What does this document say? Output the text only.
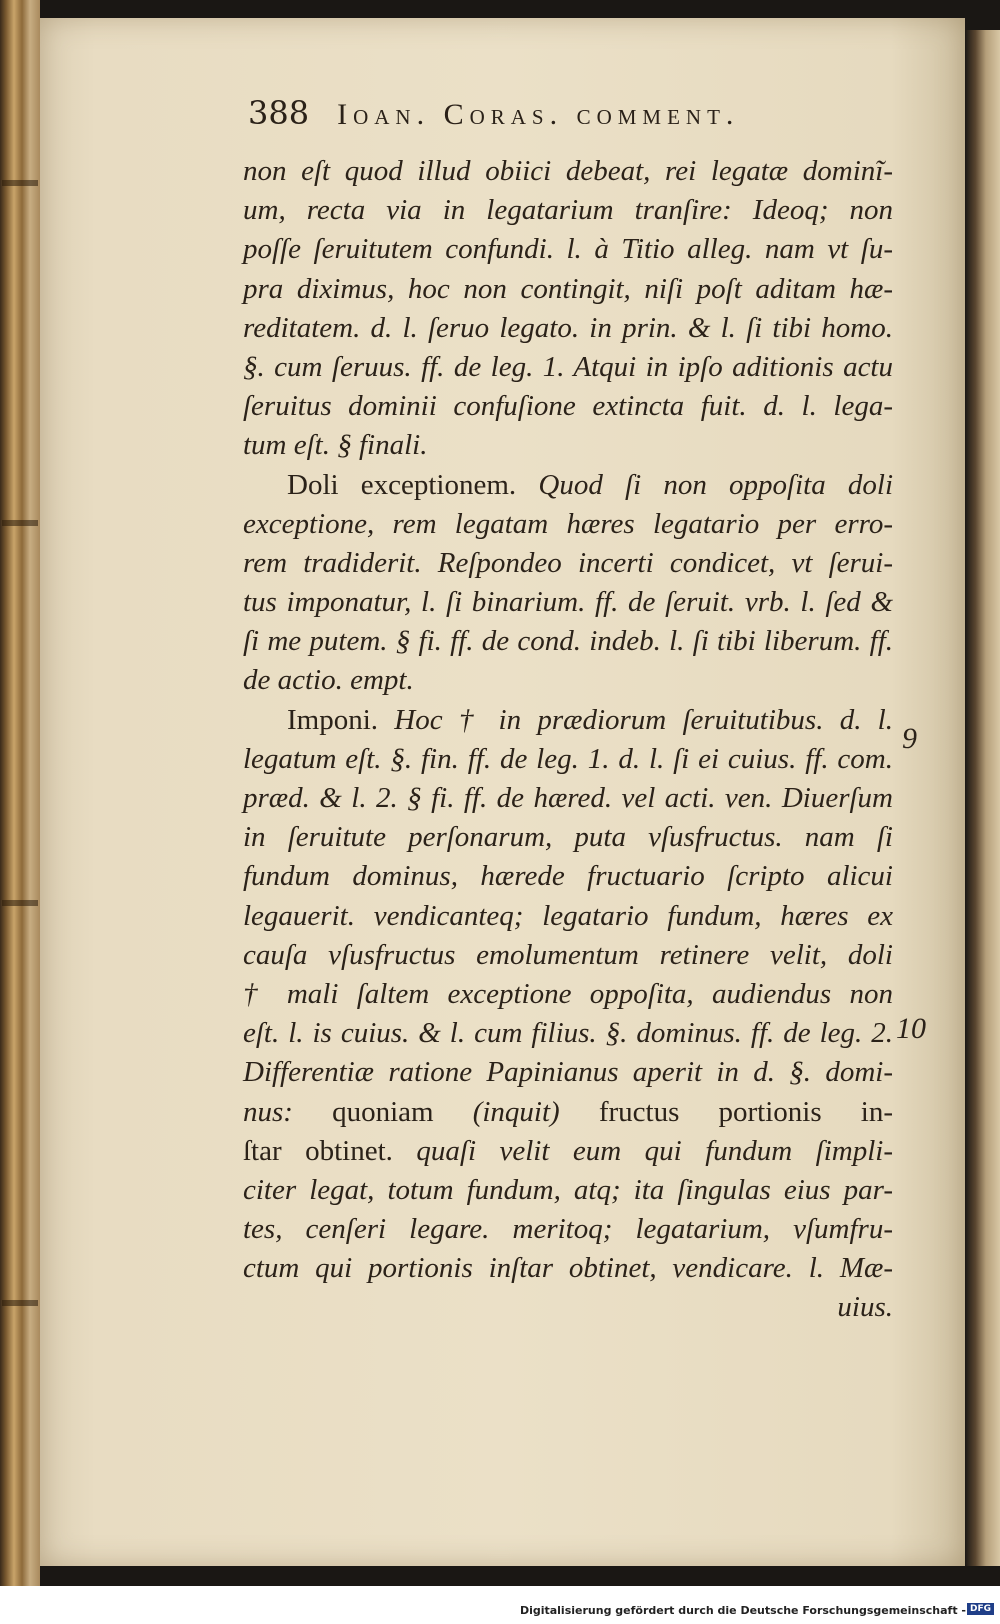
388 Ioan. Coras. comment.
non eſt quod illud obiici debeat, rei legatæ dominĩ-
um, recta via in legatarium tranſire: Ideoq; non
poſſe ſeruitutem confundi. l. à Titio alleg. nam vt ſu-
pra diximus, hoc non contingit, niſi poſt aditam hæ-
reditatem. d. l. ſeruo legato. in prin. & l. ſi tibi homo.
§. cum ſeruus. ff. de leg. 1. Atqui in ipſo aditionis actu
ſeruitus dominii confuſione extincta fuit. d. l. lega-
tum eſt. § finali.
Doli exceptionem. Quod ſi non oppoſita doli
exceptione, rem legatam hæres legatario per erro-
rem tradiderit. Reſpondeo incerti condicet, vt ſerui-
tus imponatur, l. ſi binarium. ff. de ſeruit. vrb. l. ſed &
ſi me putem. § fi. ff. de cond. indeb. l. ſi tibi liberum. ff.
de actio. empt.
Imponi. Hoc † in prædiorum ſeruitutibus. d. l.
legatum eſt. §. fin. ff. de leg. 1. d. l. ſi ei cuius. ff. com.
præd. & l. 2. § fi. ff. de hæred. vel acti. ven. Diuerſum
in ſeruitute perſonarum, puta vſusfructus. nam ſi
fundum dominus, hærede fructuario ſcripto alicui
legauerit. vendicanteq; legatario fundum, hæres ex
cauſa vſusfructus emolumentum retinere velit, doli
† mali ſaltem exceptione oppoſita, audiendus non
eſt. l. is cuius. & l. cum filius. §. dominus. ff. de leg. 2.
Differentiæ ratione Papinianus aperit in d. §. domi-
nus: quoniam (inquit) fructus portionis in-
ſtar obtinet. quaſi velit eum qui fundum ſimpli-
citer legat, totum fundum, atq; ita ſingulas eius par-
tes, cenſeri legare. meritoq; legatarium, vſumfru-
ctum qui portionis inſtar obtinet, vendicare. l. Mæ-
uius.
9
10
Digitalisierung gefördert durch die Deutsche Forschungsgemeinschaft - DFG
